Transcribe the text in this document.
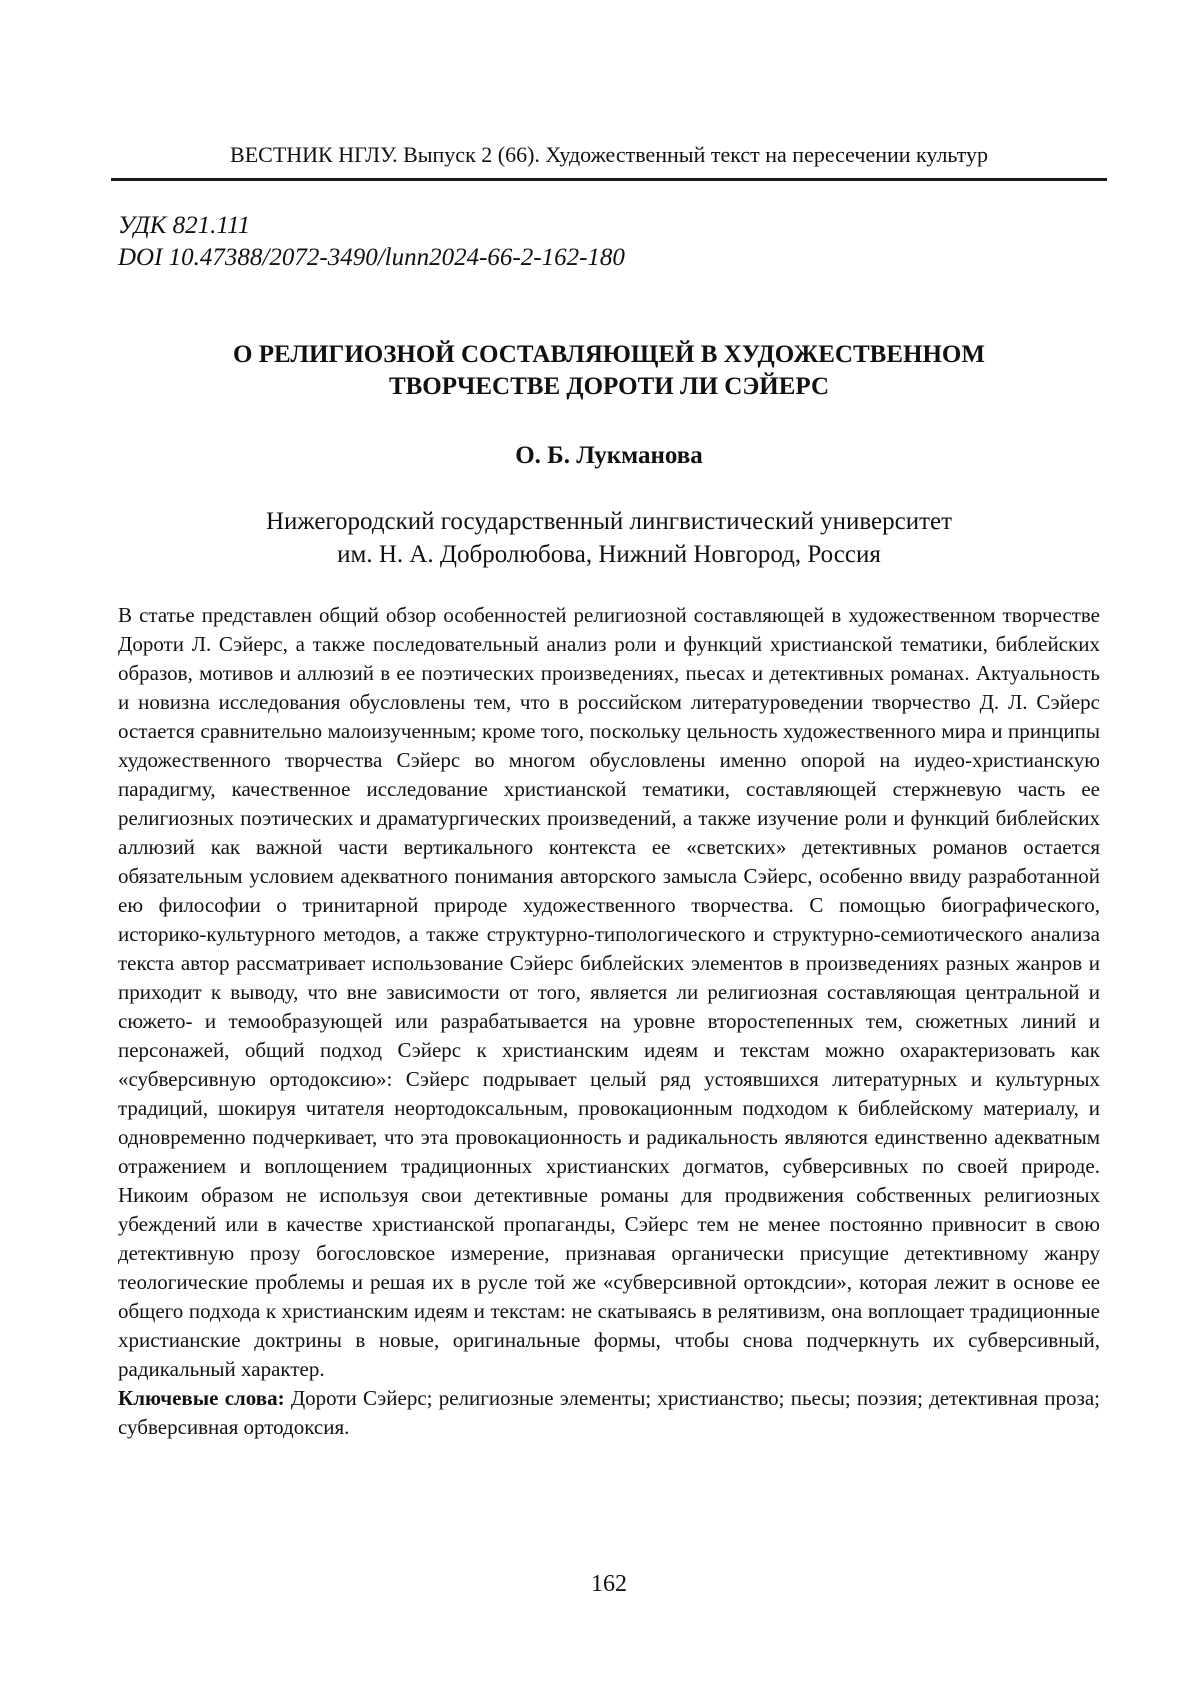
ВЕСТНИК НГЛУ. Выпуск 2 (66). Художественный текст на пересечении культур
УДК 821.111
DOI 10.47388/2072-3490/lunn2024-66-2-162-180
О РЕЛИГИОЗНОЙ СОСТАВЛЯЮЩЕЙ В ХУДОЖЕСТВЕННОМ
ТВОРЧЕСТВЕ ДОРОТИ ЛИ СЭЙЕРС
О. Б. Лукманова
Нижегородский государственный лингвистический университет
им. Н. А. Добролюбова, Нижний Новгород, Россия

В статье представлен общий обзор особенностей религиозной составляющей в художественном творчестве Дороти Л. Сэйерс, а также последовательный анализ роли и функций христианской тематики, библейских образов, мотивов и аллюзий в ее поэтических произведениях, пьесах и детективных романах. Актуальность и новизна исследования обусловлены тем, что в российском литературоведении творчество Д. Л. Сэйерс остается сравнительно малоизученным; кроме того, поскольку цельность художественного мира и принципы художественного творчества Сэйерс во многом обусловлены именно опорой на иудео-христианскую парадигму, качественное исследование христианской тематики, составляющей стержневую часть ее религиозных поэтических и драматургических произведений, а также изучение роли и функций библейских аллюзий как важной части вертикального контекста ее «светских» детективных романов остается обязательным условием адекватного понимания авторского замысла Сэйерс, особенно ввиду разработанной ею философии о тринитарной природе художественного творчества. С помощью биографического, историко-культурного методов, а также структурно-типологического и структурно-семиотического анализа текста автор рассматривает использование Сэйерс библейских элементов в произведениях разных жанров и приходит к выводу, что вне зависимости от того, является ли религиозная составляющая центральной и сюжето- и темообразующей или разрабатывается на уровне второстепенных тем, сюжетных линий и персонажей, общий подход Сэйерс к христианским идеям и текстам можно охарактеризовать как «субверсивную ортодоксию»: Сэйерс подрывает целый ряд устоявшихся литературных и культурных традиций, шокируя читателя неортодоксальным, провокационным подходом к библейскому материалу, и одновременно подчеркивает, что эта провокационность и радикальность являются единственно адекватным отражением и воплощением традиционных христианских догматов, субверсивных по своей природе. Никоим образом не используя свои детективные романы для продвижения собственных религиозных убеждений или в качестве христианской пропаганды, Сэйерс тем не менее постоянно привносит в свою детективную прозу богословское измерение, признавая органически присущие детективному жанру теологические проблемы и решая их в русле той же «субверсивной ортокдсии», которая лежит в основе ее общего подхода к христианским идеям и текстам: не скатываясь в релятивизм, она воплощает традиционные христианские доктрины в новые, оригинальные формы, чтобы снова подчеркнуть их субверсивный, радикальный характер.

Ключевые слова: Дороти Сэйерс; религиозные элементы; христианство; пьесы; поэзия; детективная проза; субверсивная ортодоксия.

162
